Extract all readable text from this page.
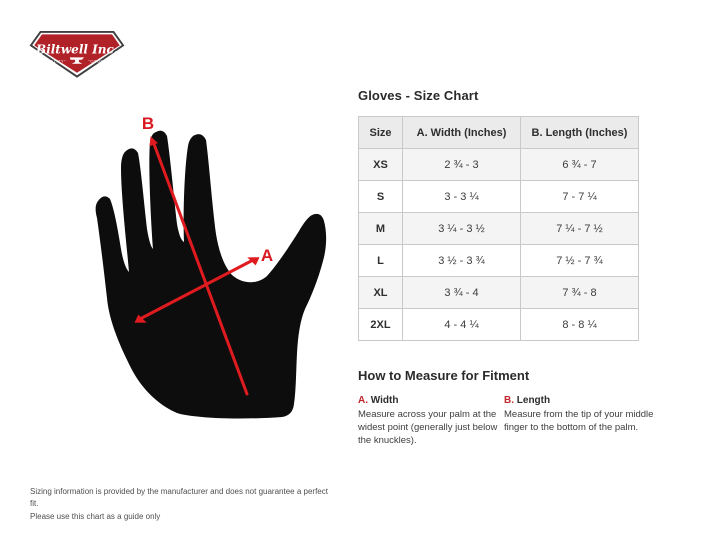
Biltwell Inc.
"QUALITY"	"COUNTS"
B
A
Gloves - Size Chart
Size	A. Width (Inches)	B. Length (Inches)
XS	2 ¾ - 3	6 ¾ - 7
S	3 - 3 ¼	7 - 7 ¼
M	3 ¼ - 3 ½	7 ¼ - 7 ½
L	3 ½ - 3 ¾	7 ½ - 7 ¾
XL	3 ¾ - 4	7 ¾ - 8
2XL	4 - 4 ¼	8 - 8 ¼
How to Measure for Fitment
A. Width
Measure across your palm at the widest point (generally just below the knuckles).
B. Length
Measure from the tip of your middle finger to the bottom of the palm.
Sizing information is provided by the manufacturer and does not guarantee a perfect fit.
Please use this chart as a guide only
